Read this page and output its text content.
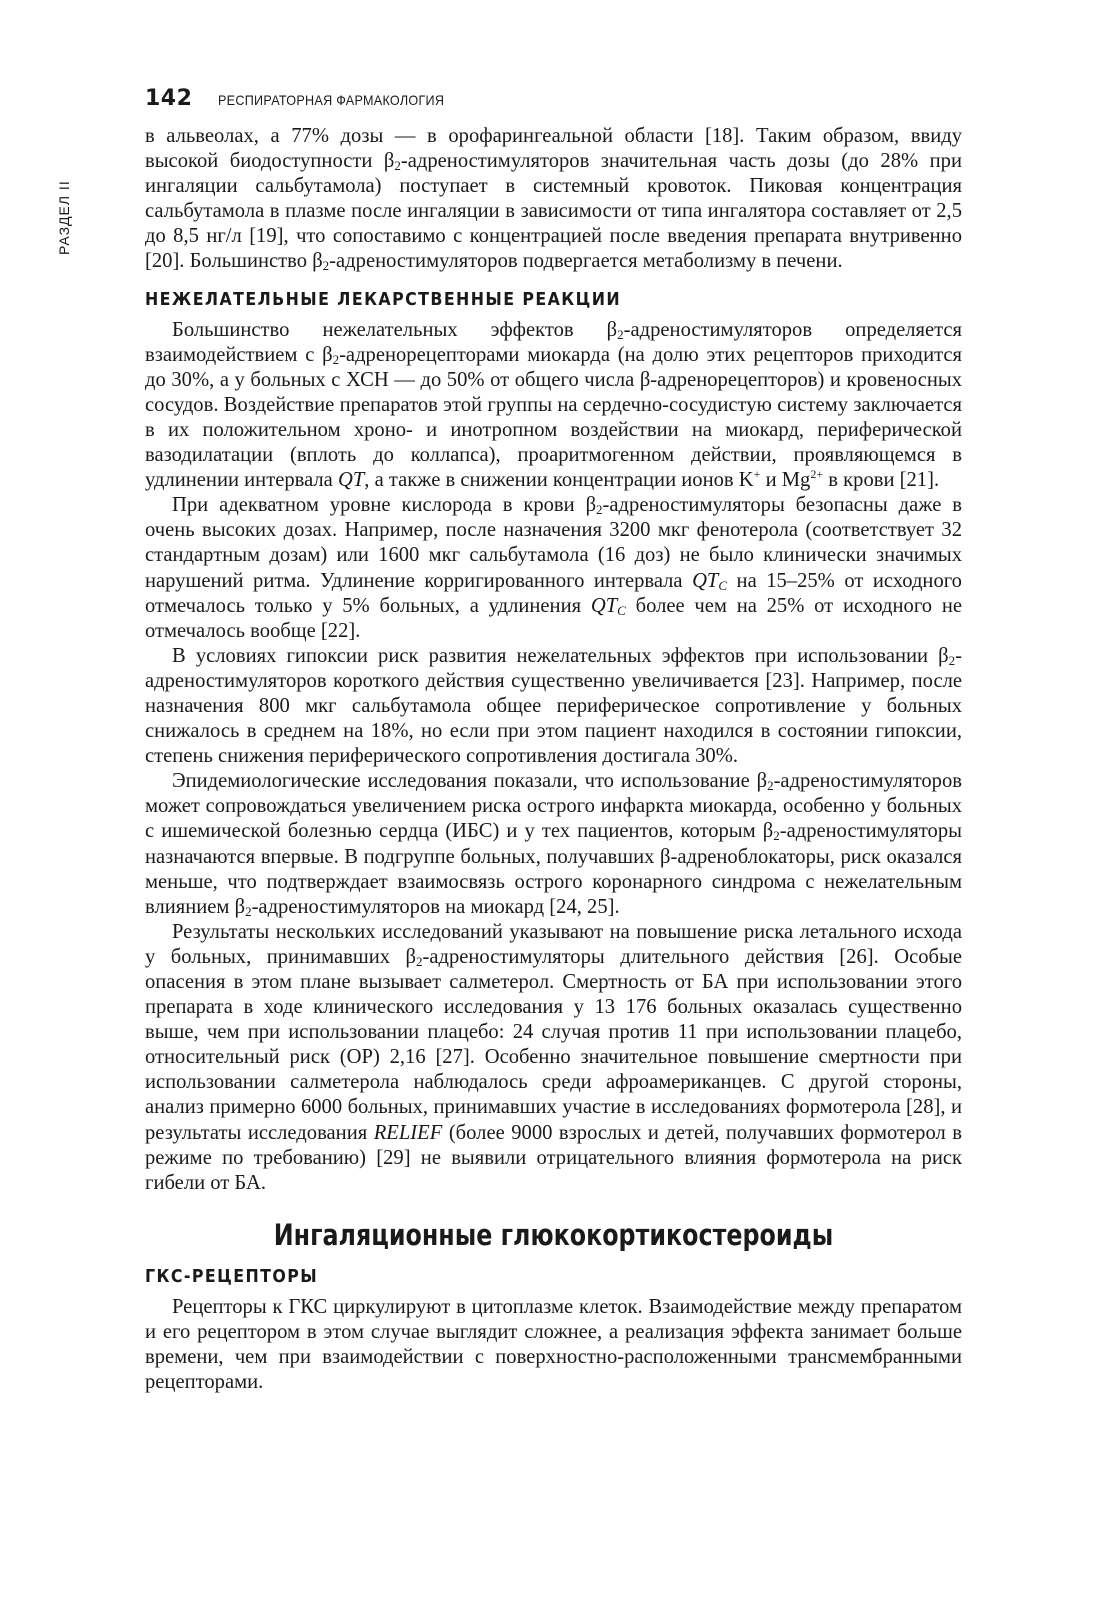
142 РЕСПИРАТОРНАЯ ФАРМАКОЛОГИЯ
РАЗДЕЛ II

в альвеолах, а 77% дозы — в орофарингеальной области [18]. Таким образом, ввиду высокой биодоступности $\beta_2$-адреностимуляторов значительная часть дозы (до 28% при ингаляции сальбутамола) поступает в системный кровоток. Пиковая концентрация сальбутамола в плазме после ингаляции в зависимости от типа ингалятора составляет от 2,5 до 8,5 нг/л [19], что сопоставимо с концентрацией после введения препарата внутривенно [20]. Большинство $\beta_2$-адреностимуляторов подвергается метаболизму в печени.

НЕЖЕЛАТЕЛЬНЫЕ ЛЕКАРСТВЕННЫЕ РЕАКЦИИ

Большинство нежелательных эффектов $\beta_2$-адреностимуляторов определяется взаимодействием с $\beta_2$-адренорецепторами миокарда (на долю этих рецепторов приходится до 30%, а у больных с ХСН — до 50% от общего числа β-адренорецепторов) и кровеносных сосудов. Воздействие препаратов этой группы на сердечно-сосудистую систему заключается в их положительном хроно- и инотропном воздействии на миокард, периферической вазодилатации (вплоть до коллапса), проаритмогенном действии, проявляющемся в удлинении интервала QT, а также в снижении концентрации ионов K+ и $Mg^{2+}$ в крови [21].

При адекватном уровне кислорода в крови $\beta_2$-адреностимуляторы безопасны даже в очень высоких дозах. Например, после назначения 3200 мкг фенотерола (соответствует 32 стандартным дозам) или 1600 мкг сальбутамола (16 доз) не было клинически значимых нарушений ритма. Удлинение корригированного интервала $QT_C$ на 15–25% от исходного отмечалось только у 5% больных, а удлинения $QT_C$ более чем на 25% от исходного не отмечалось вообще [22].

В условиях гипоксии риск развития нежелательных эффектов при использовании $\beta_2$-адреностимуляторов короткого действия существенно увеличивается [23]. Например, после назначения 800 мкг сальбутамола общее периферическое сопротивление у больных снижалось в среднем на 18%, но если при этом пациент находился в состоянии гипоксии, степень снижения периферического сопротивления достигала 30%.

Эпидемиологические исследования показали, что использование $\beta_2$-адреностимуляторов может сопровождаться увеличением риска острого инфаркта миокарда, особенно у больных с ишемической болезнью сердца (ИБС) и у тех пациентов, которым $\beta_2$-адреностимуляторы назначаются впервые. В подгруппе больных, получавших β-адреноблокаторы, риск оказался меньше, что подтверждает взаимосвязь острого коронарного синдрома с нежелательным влиянием $\beta_2$-адреностимуляторов на миокард [24, 25].

Результаты нескольких исследований указывают на повышение риска летального исхода у больных, принимавших $\beta_2$-адреностимуляторы длительного действия [26]. Особые опасения в этом плане вызывает салметерол. Смертность от БА при использовании этого препарата в ходе клинического исследования у 13 176 больных оказалась существенно выше, чем при использовании плацебо: 24 случая против 11 при использовании плацебо, относительный риск (ОР) 2,16 [27]. Особенно значительное повышение смертности при использовании салметерола наблюдалось среди афроамериканцев. С другой стороны, анализ примерно 6000 больных, принимавших участие в исследованиях формотерола [28], и результаты исследования RELIEF (более 9000 взрослых и детей, получавших формотерол в режиме по требованию) [29] не выявили отрицательного влияния формотерола на риск гибели от БА.

Ингаляционные глюкокортикостероиды
ГКС-РЕЦЕПТОРЫ

Рецепторы к ГКС циркулируют в цитоплазме клеток. Взаимодействие между препаратом и его рецептором в этом случае выглядит сложнее, а реализация эффекта занимает больше времени, чем при взаимодействии с поверхностно-расположенными трансмембранными рецепторами.
